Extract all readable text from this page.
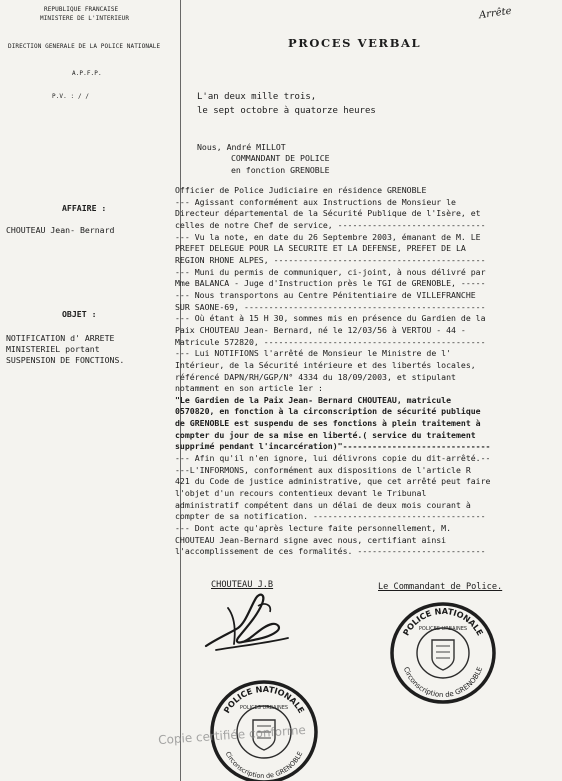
REPUBLIQUE FRANCAISE
MINISTERE DE L'INTERIEUR
DIRECTION GENERALE DE LA POLICE NATIONALE
A.P.F.P.
P.V. : / /
Arrête
PROCES VERBAL
L'an deux mille trois,
le sept octobre à quatorze heures
Nous, André MILLOT
COMMANDANT DE POLICE
en fonction GRENOBLE
AFFAIRE :
CHOUTEAU Jean- Bernard
OBJET :
NOTIFICATION d' ARRETE
MINISTERIEL portant
SUSPENSION DE FONCTIONS.
Officier de Police Judiciaire en résidence GRENOBLE
--- Agissant conformément aux Instructions de Monsieur le
Directeur départemental de la Sécurité Publique de l'Isère, et
celles de notre Chef de service, ------------------------------
--- Vu la note, en date du 26 Septembre 2003, émanant de M. LE
PREFET DELEGUE POUR LA SECURITE ET LA DEFENSE, PREFET DE LA
REGION RHONE ALPES, -------------------------------------------
--- Muni du permis de communiquer, ci-joint, à nous délivré par
Mme BALANCA - Juge d'Instruction près le TGI de GRENOBLE, -----
--- Nous transportons au Centre Pénitentiaire de VILLEFRANCHE
SUR SAONE-69, -------------------------------------------------
--- Où étant à 15 H 30, sommes mis en présence du Gardien de la
Paix CHOUTEAU Jean- Bernard, né le 12/03/56 à VERTOU - 44 -
Matricule 572820, ---------------------------------------------
--- Lui NOTIFIONS l'arrêté de Monsieur le Ministre de l'
Intérieur, de la Sécurité intérieure et des libertés locales,
référencé DAPN/RH/GGP/N° 4334 du 18/09/2003, et stipulant
notamment en son article 1er :
"Le Gardien de la Paix Jean- Bernard CHOUTEAU, matricule
0570820, en fonction à la circonscription de sécurité publique
de GRENOBLE est suspendu de ses fonctions à plein traitement à
compter du jour de sa mise en liberté.( service du traitement
supprimé pendant l'incarcération)"------------------------------
--- Afin qu'il n'en ignore, lui délivrons copie du dit-arrêté.--
---L'INFORMONS, conformément aux dispositions de l'article R
421 du Code de justice administrative, que cet arrêté peut faire
l'objet d'un recours contentieux devant le Tribunal
administratif compétent dans un délai de deux mois courant à
compter de sa notification. -----------------------------------
--- Dont acte qu'après lecture faite personnellement, M.
CHOUTEAU Jean-Bernard signe avec nous, certifiant ainsi
l'accomplissement de ces formalités. --------------------------
CHOUTEAU J.B	Le Commandant de Police.
POLICE NATIONALE
POLICES URBAINES
Circonscription de GRENOBLE
POLICE NATIONALE
POLICES URBAINES
Circonscription de GRENOBLE
Copie certifiée conforme
